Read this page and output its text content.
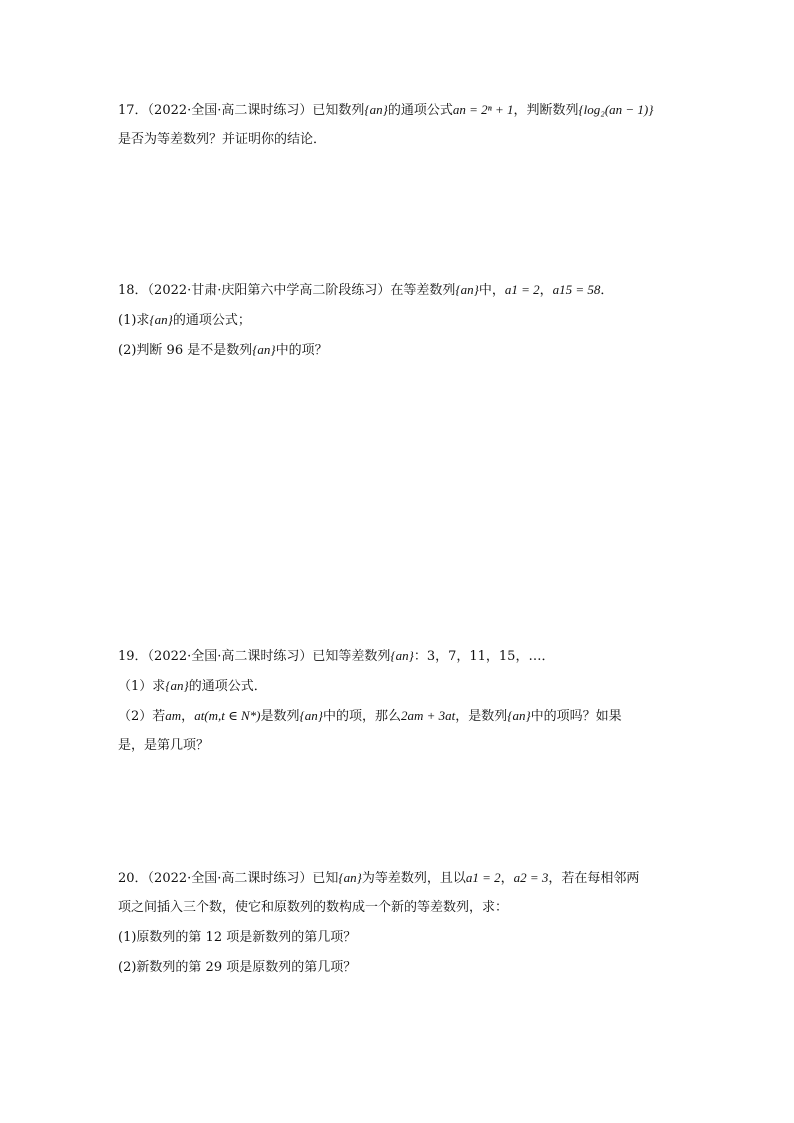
17．（2022·全国·高二课时练习）已知数列{an}的通项公式an = 2ⁿ + 1，判断数列{log₂(an − 1)}
是否为等差数列？并证明你的结论．
18．（2022·甘肃·庆阳第六中学高二阶段练习）在等差数列{an}中，a1 = 2，a15 = 58．
(1)求{an}的通项公式；
(2)判断 96 是不是数列{an}中的项？
19．（2022·全国·高二课时练习）已知等差数列{an}：3，7，11，15，…．
（1）求{an}的通项公式．
（2）若am，at(m,t ∈ N*)是数列{an}中的项，那么2am + 3at，是数列{an}中的项吗？如果
是，是第几项？
20．（2022·全国·高二课时练习）已知{an}为等差数列，且以a1 = 2，a2 = 3，若在每相邻两
项之间插入三个数，使它和原数列的数构成一个新的等差数列，求：
(1)原数列的第 12 项是新数列的第几项？
(2)新数列的第 29 项是原数列的第几项？
